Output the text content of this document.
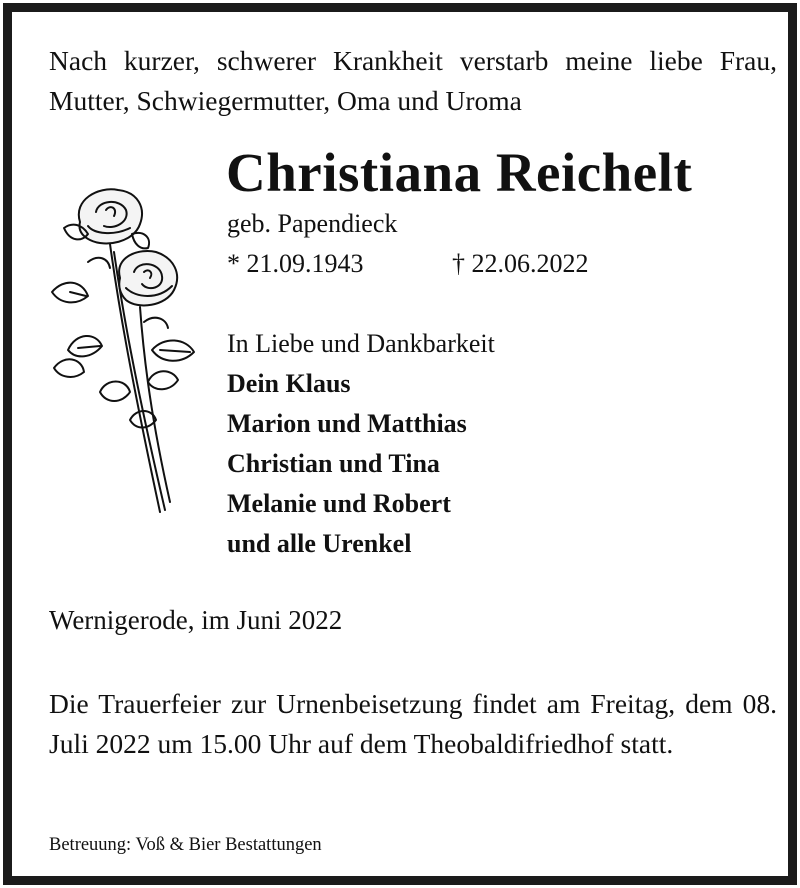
Nach kurzer, schwerer Krankheit verstarb meine liebe Frau, Mutter, Schwiegermutter, Oma und Uroma
Christiana Reichelt
geb. Papendieck
* 21.09.1943	† 22.06.2022
In Liebe und Dankbarkeit
Dein Klaus
Marion und Matthias
Christian und Tina
Melanie und Robert
und alle Urenkel
Wernigerode, im Juni 2022
Die Trauerfeier zur Urnenbeisetzung findet am Freitag, dem 08. Juli 2022 um 15.00 Uhr auf dem Theobaldifriedhof statt.
Betreuung: Voß & Bier Bestattungen
